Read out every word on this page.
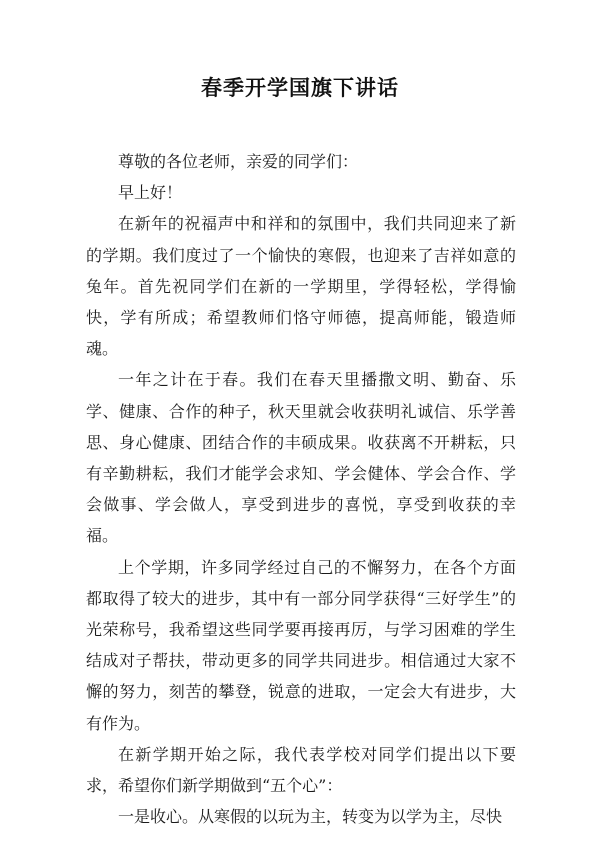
春季开学国旗下讲话

尊敬的各位老师，亲爱的同学们：

早上好！

在新年的祝福声中和祥和的氛围中，我们共同迎来了新的学期。我们度过了一个愉快的寒假，也迎来了吉祥如意的兔年。首先祝同学们在新的一学期里，学得轻松，学得愉快，学有所成；希望教师们恪守师德，提高师能，锻造师魂。

一年之计在于春。我们在春天里播撒文明、勤奋、乐学、健康、合作的种子，秋天里就会收获明礼诚信、乐学善思、身心健康、团结合作的丰硕成果。收获离不开耕耘，只有辛勤耕耘，我们才能学会求知、学会健体、学会合作、学会做事、学会做人，享受到进步的喜悦，享受到收获的幸福。

上个学期，许多同学经过自己的不懈努力，在各个方面都取得了较大的进步，其中有一部分同学获得“三好学生”的光荣称号，我希望这些同学要再接再厉，与学习困难的学生结成对子帮扶，带动更多的同学共同进步。相信通过大家不懈的努力，刻苦的攀登，锐意的进取，一定会大有进步，大有作为。

在新学期开始之际，我代表学校对同学们提出以下要求，希望你们新学期做到“五个心”：

一是收心。从寒假的以玩为主，转变为以学为主，尽快
